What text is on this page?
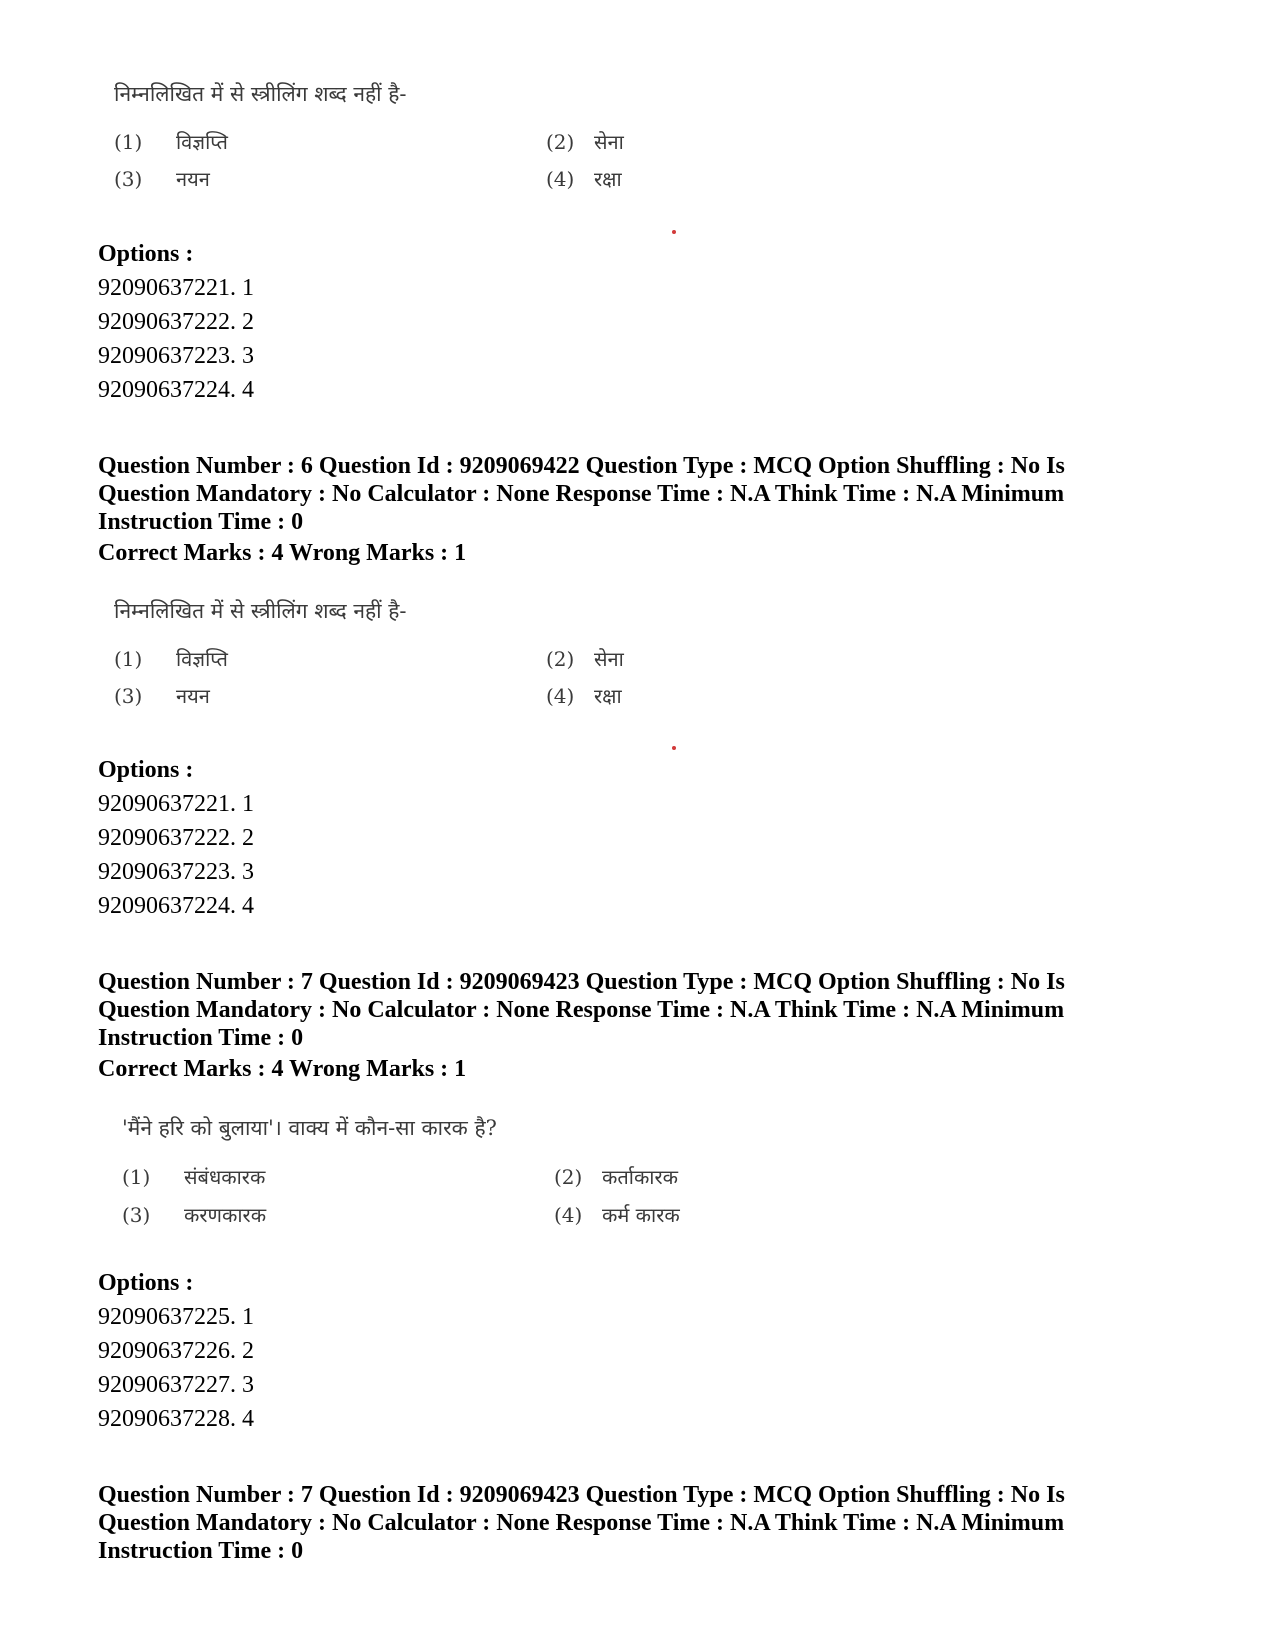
निम्नलिखित में से स्त्रीलिंग शब्द नहीं है-
(1) विज्ञप्ति	(2) सेना
(3) नयन	(4) रक्षा
Options :
92090637221. 1
92090637222. 2
92090637223. 3
92090637224. 4
Question Number : 6 Question Id : 9209069422 Question Type : MCQ Option Shuffling : No Is
Question Mandatory : No Calculator : None Response Time : N.A Think Time : N.A Minimum
Instruction Time : 0
Correct Marks : 4 Wrong Marks : 1
निम्नलिखित में से स्त्रीलिंग शब्द नहीं है-
(1) विज्ञप्ति	(2) सेना
(3) नयन	(4) रक्षा
Options :
92090637221. 1
92090637222. 2
92090637223. 3
92090637224. 4
Question Number : 7 Question Id : 9209069423 Question Type : MCQ Option Shuffling : No Is
Question Mandatory : No Calculator : None Response Time : N.A Think Time : N.A Minimum
Instruction Time : 0
Correct Marks : 4 Wrong Marks : 1
'मैंने हरि को बुलाया'। वाक्य में कौन-सा कारक है?
(1) संबंधकारक	(2) कर्ताकारक
(3) करणकारक	(4) कर्म कारक
Options :
92090637225. 1
92090637226. 2
92090637227. 3
92090637228. 4
Question Number : 7 Question Id : 9209069423 Question Type : MCQ Option Shuffling : No Is
Question Mandatory : No Calculator : None Response Time : N.A Think Time : N.A Minimum
Instruction Time : 0
